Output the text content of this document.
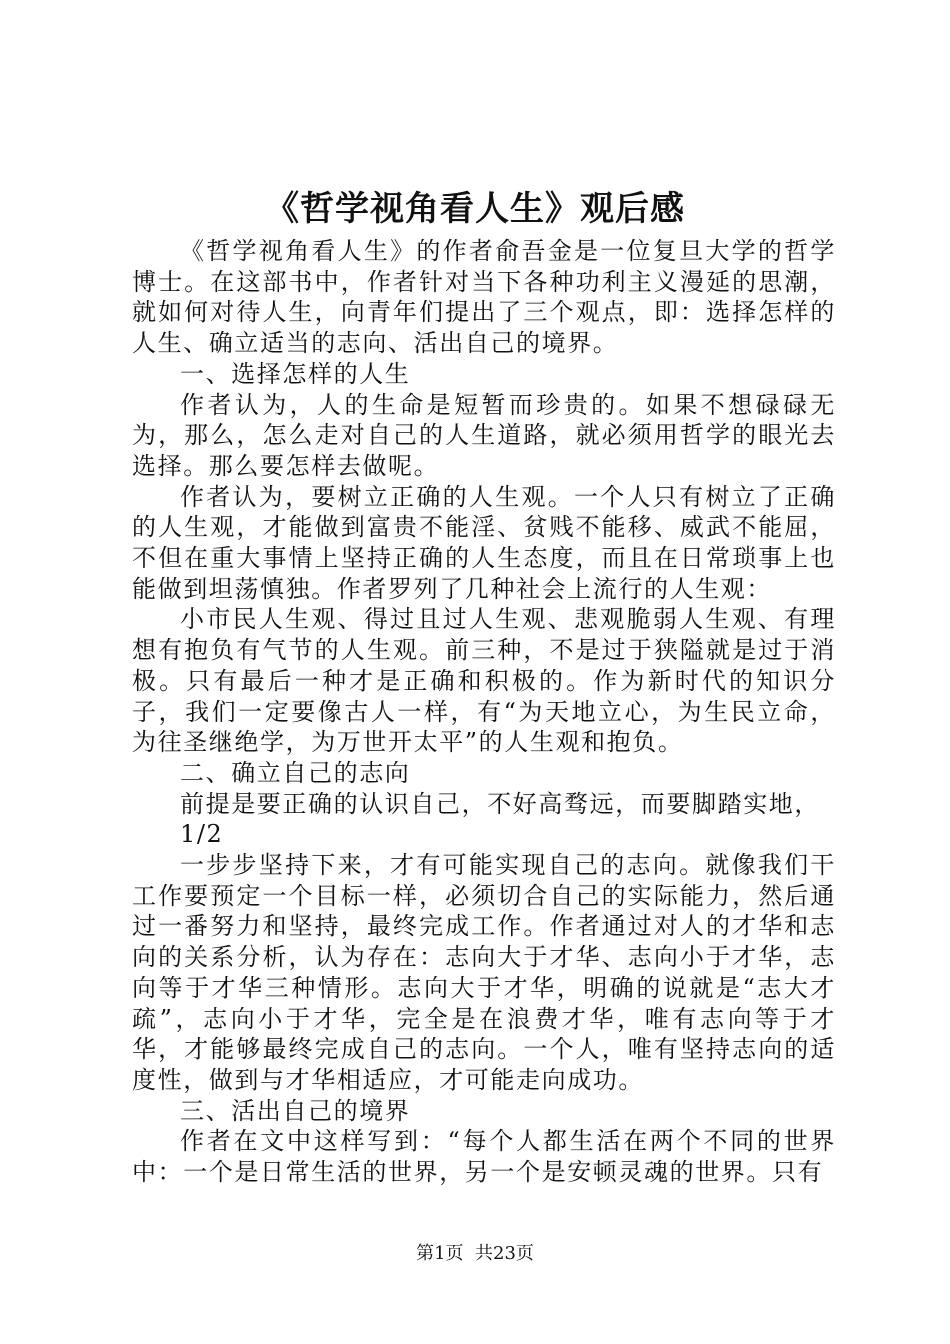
《哲学视角看人生》观后感

《哲学视角看人生》的作者俞吾金是一位复旦大学的哲学博士。在这部书中，作者针对当下各种功利主义漫延的思潮，就如何对待人生，向青年们提出了三个观点，即：选择怎样的人生、确立适当的志向、活出自己的境界。

一、选择怎样的人生

作者认为，人的生命是短暂而珍贵的。如果不想碌碌无为，那么，怎么走对自己的人生道路，就必须用哲学的眼光去选择。那么要怎样去做呢。

作者认为，要树立正确的人生观。一个人只有树立了正确的人生观，才能做到富贵不能淫、贫贱不能移、威武不能屈，不但在重大事情上坚持正确的人生态度，而且在日常琐事上也能做到坦荡慎独。作者罗列了几种社会上流行的人生观：

小市民人生观、得过且过人生观、悲观脆弱人生观、有理想有抱负有气节的人生观。前三种，不是过于狭隘就是过于消极。只有最后一种才是正确和积极的。作为新时代的知识分子，我们一定要像古人一样，有“为天地立心，为生民立命，为往圣继绝学，为万世开太平”的人生观和抱负。

二、确立自己的志向

前提是要正确的认识自己，不好高骛远，而要脚踏实地，

1/2

一步步坚持下来，才有可能实现自己的志向。就像我们干工作要预定一个目标一样，必须切合自己的实际能力，然后通过一番努力和坚持，最终完成工作。作者通过对人的才华和志向的关系分析，认为存在：志向大于才华、志向小于才华，志向等于才华三种情形。志向大于才华，明确的说就是“志大才疏”，志向小于才华，完全是在浪费才华，唯有志向等于才华，才能够最终完成自己的志向。一个人，唯有坚持志向的适度性，做到与才华相适应，才可能走向成功。

三、活出自己的境界

作者在文中这样写到：“每个人都生活在两个不同的世界中：一个是日常生活的世界，另一个是安顿灵魂的世界。只有

第1页  共23页
